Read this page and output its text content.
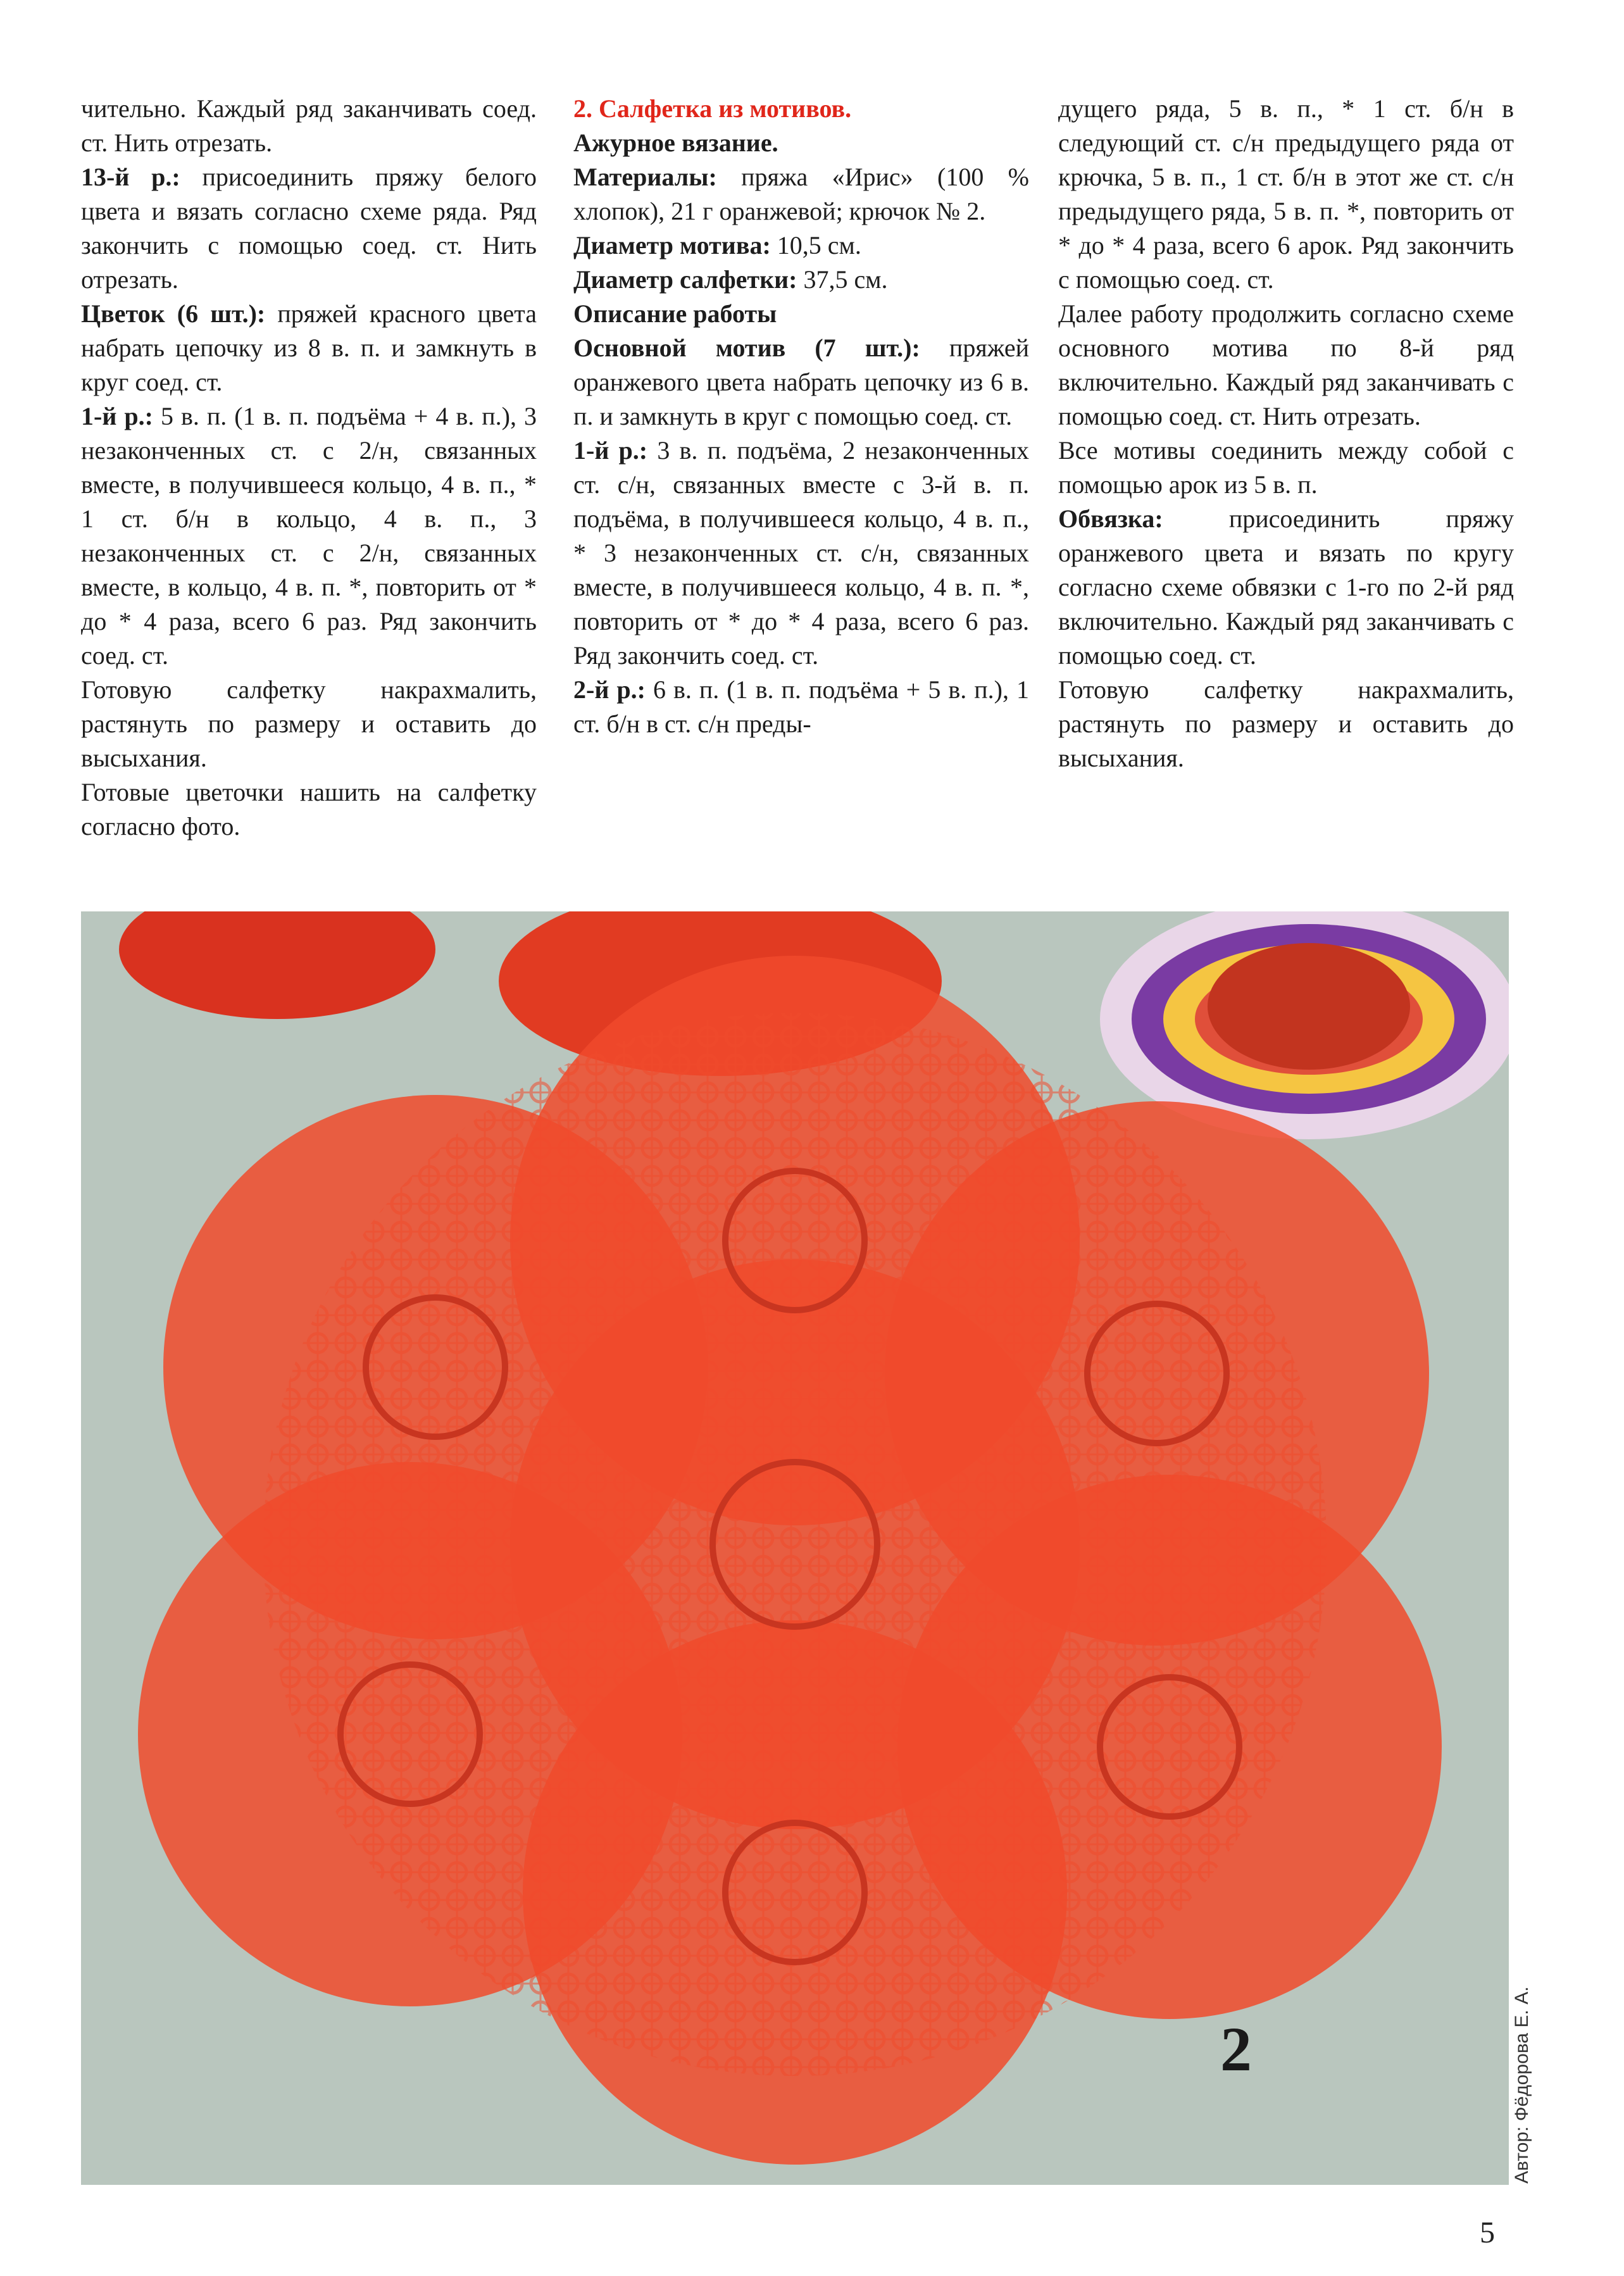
чительно. Каждый ряд заканчивать соед. ст. Нить отрезать.

13-й р.: присоединить пряжу белого цвета и вязать согласно схеме ряда. Ряд закончить с помощью соед. ст. Нить отрезать.

Цветок (6 шт.): пряжей красного цвета набрать цепочку из 8 в. п. и замкнуть в круг соед. ст.

1-й р.: 5 в. п. (1 в. п. подъёма + 4 в. п.), 3 незаконченных ст. с 2/н, связанных вместе, в получившееся кольцо, 4 в. п., * 1 ст. б/н в кольцо, 4 в. п., 3 незаконченных ст. с 2/н, связанных вместе, в кольцо, 4 в. п. *, повторить от * до * 4 раза, всего 6 раз. Ряд закончить соед. ст.

Готовую салфетку накрахмалить, растянуть по размеру и оставить до высыхания.

Готовые цветочки нашить на салфетку согласно фото.

2. Салфетка из мотивов.

Ажурное вязание.

Материалы: пряжа «Ирис» (100 % хлопок), 21 г оранжевой; крючок № 2.

Диаметр мотива: 10,5 см.

Диаметр салфетки: 37,5 см.

Описание работы

Основной мотив (7 шт.): пряжей оранжевого цвета набрать цепочку из 6 в. п. и замкнуть в круг с помощью соед. ст.

1-й р.: 3 в. п. подъёма, 2 незаконченных ст. с/н, связанных вместе с 3-й в. п. подъёма, в получившееся кольцо, 4 в. п., * 3 незаконченных ст. с/н, связанных вместе, в получившееся кольцо, 4 в. п. *, повторить от * до * 4 раза, всего 6 раз. Ряд закончить соед. ст.

2-й р.: 6 в. п. (1 в. п. подъёма + 5 в. п.), 1 ст. б/н в ст. с/н преды-

дущего ряда, 5 в. п., * 1 ст. б/н в следующий ст. с/н предыдущего ряда от крючка, 5 в. п., 1 ст. б/н в этот же ст. с/н предыдущего ряда, 5 в. п. *, повторить от * до * 4 раза, всего 6 арок. Ряд закончить с помощью соед. ст.

Далее работу продолжить согласно схеме основного мотива по 8-й ряд включительно. Каждый ряд заканчивать с помощью соед. ст. Нить отрезать.

Все мотивы соединить между собой с помощью арок из 5 в. п.

Обвязка: присоединить пряжу оранжевого цвета и вязать по кругу согласно схеме обвязки с 1-го по 2-й ряд включительно. Каждый ряд заканчивать с помощью соед. ст.

Готовую салфетку накрахмалить, растянуть по размеру и оставить до высыхания.

2	Автор: Фёдорова Е. А.
5
